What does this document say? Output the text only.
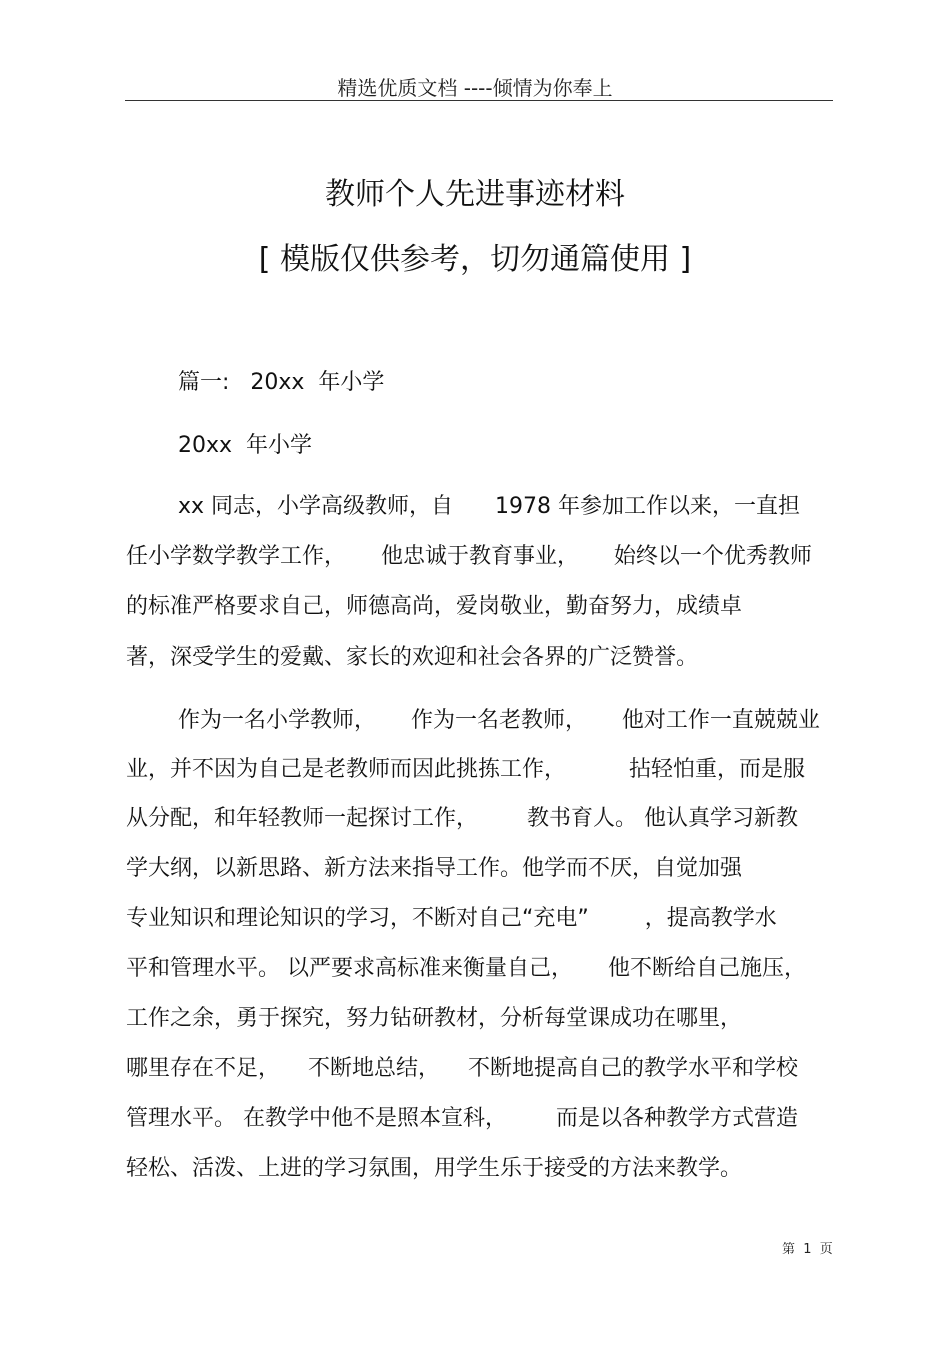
精选优质文档 ----倾情为你奉上
教师个人先进事迹材料
[ 模版仅供参考，切勿通篇使用 ]
篇一:   20xx  年小学
20xx  年小学
xx 同志，小学高级教师，自      1978 年参加工作以来，一直担
任小学数学教学工作，     他忠诚于教育事业，     始终以一个优秀教师
的标准严格要求自己，师德高尚，爱岗敬业，勤奋努力，成绩卓
著，深受学生的爱戴、家长的欢迎和社会各界的广泛赞誉。
作为一名小学教师，     作为一名老教师，     他对工作一直兢兢业
业，并不因为自己是老教师而因此挑拣工作，         拈轻怕重，而是服
从分配，和年轻教师一起探讨工作，       教书育人。 他认真学习新教
学大纲，以新思路、新方法来指导工作。他学而不厌，自觉加强
专业知识和理论知识的学习，不断对自己“充电”        ，提高教学水
平和管理水平。 以严要求高标准来衡量自己，     他不断给自己施压，
工作之余，勇于探究，努力钻研教材，分析每堂课成功在哪里，
哪里存在不足，    不断地总结，    不断地提高自己的教学水平和学校
管理水平。 在教学中他不是照本宣科，       而是以各种教学方式营造
轻松、活泼、上进的学习氛围，用学生乐于接受的方法来教学。
第  1  页
